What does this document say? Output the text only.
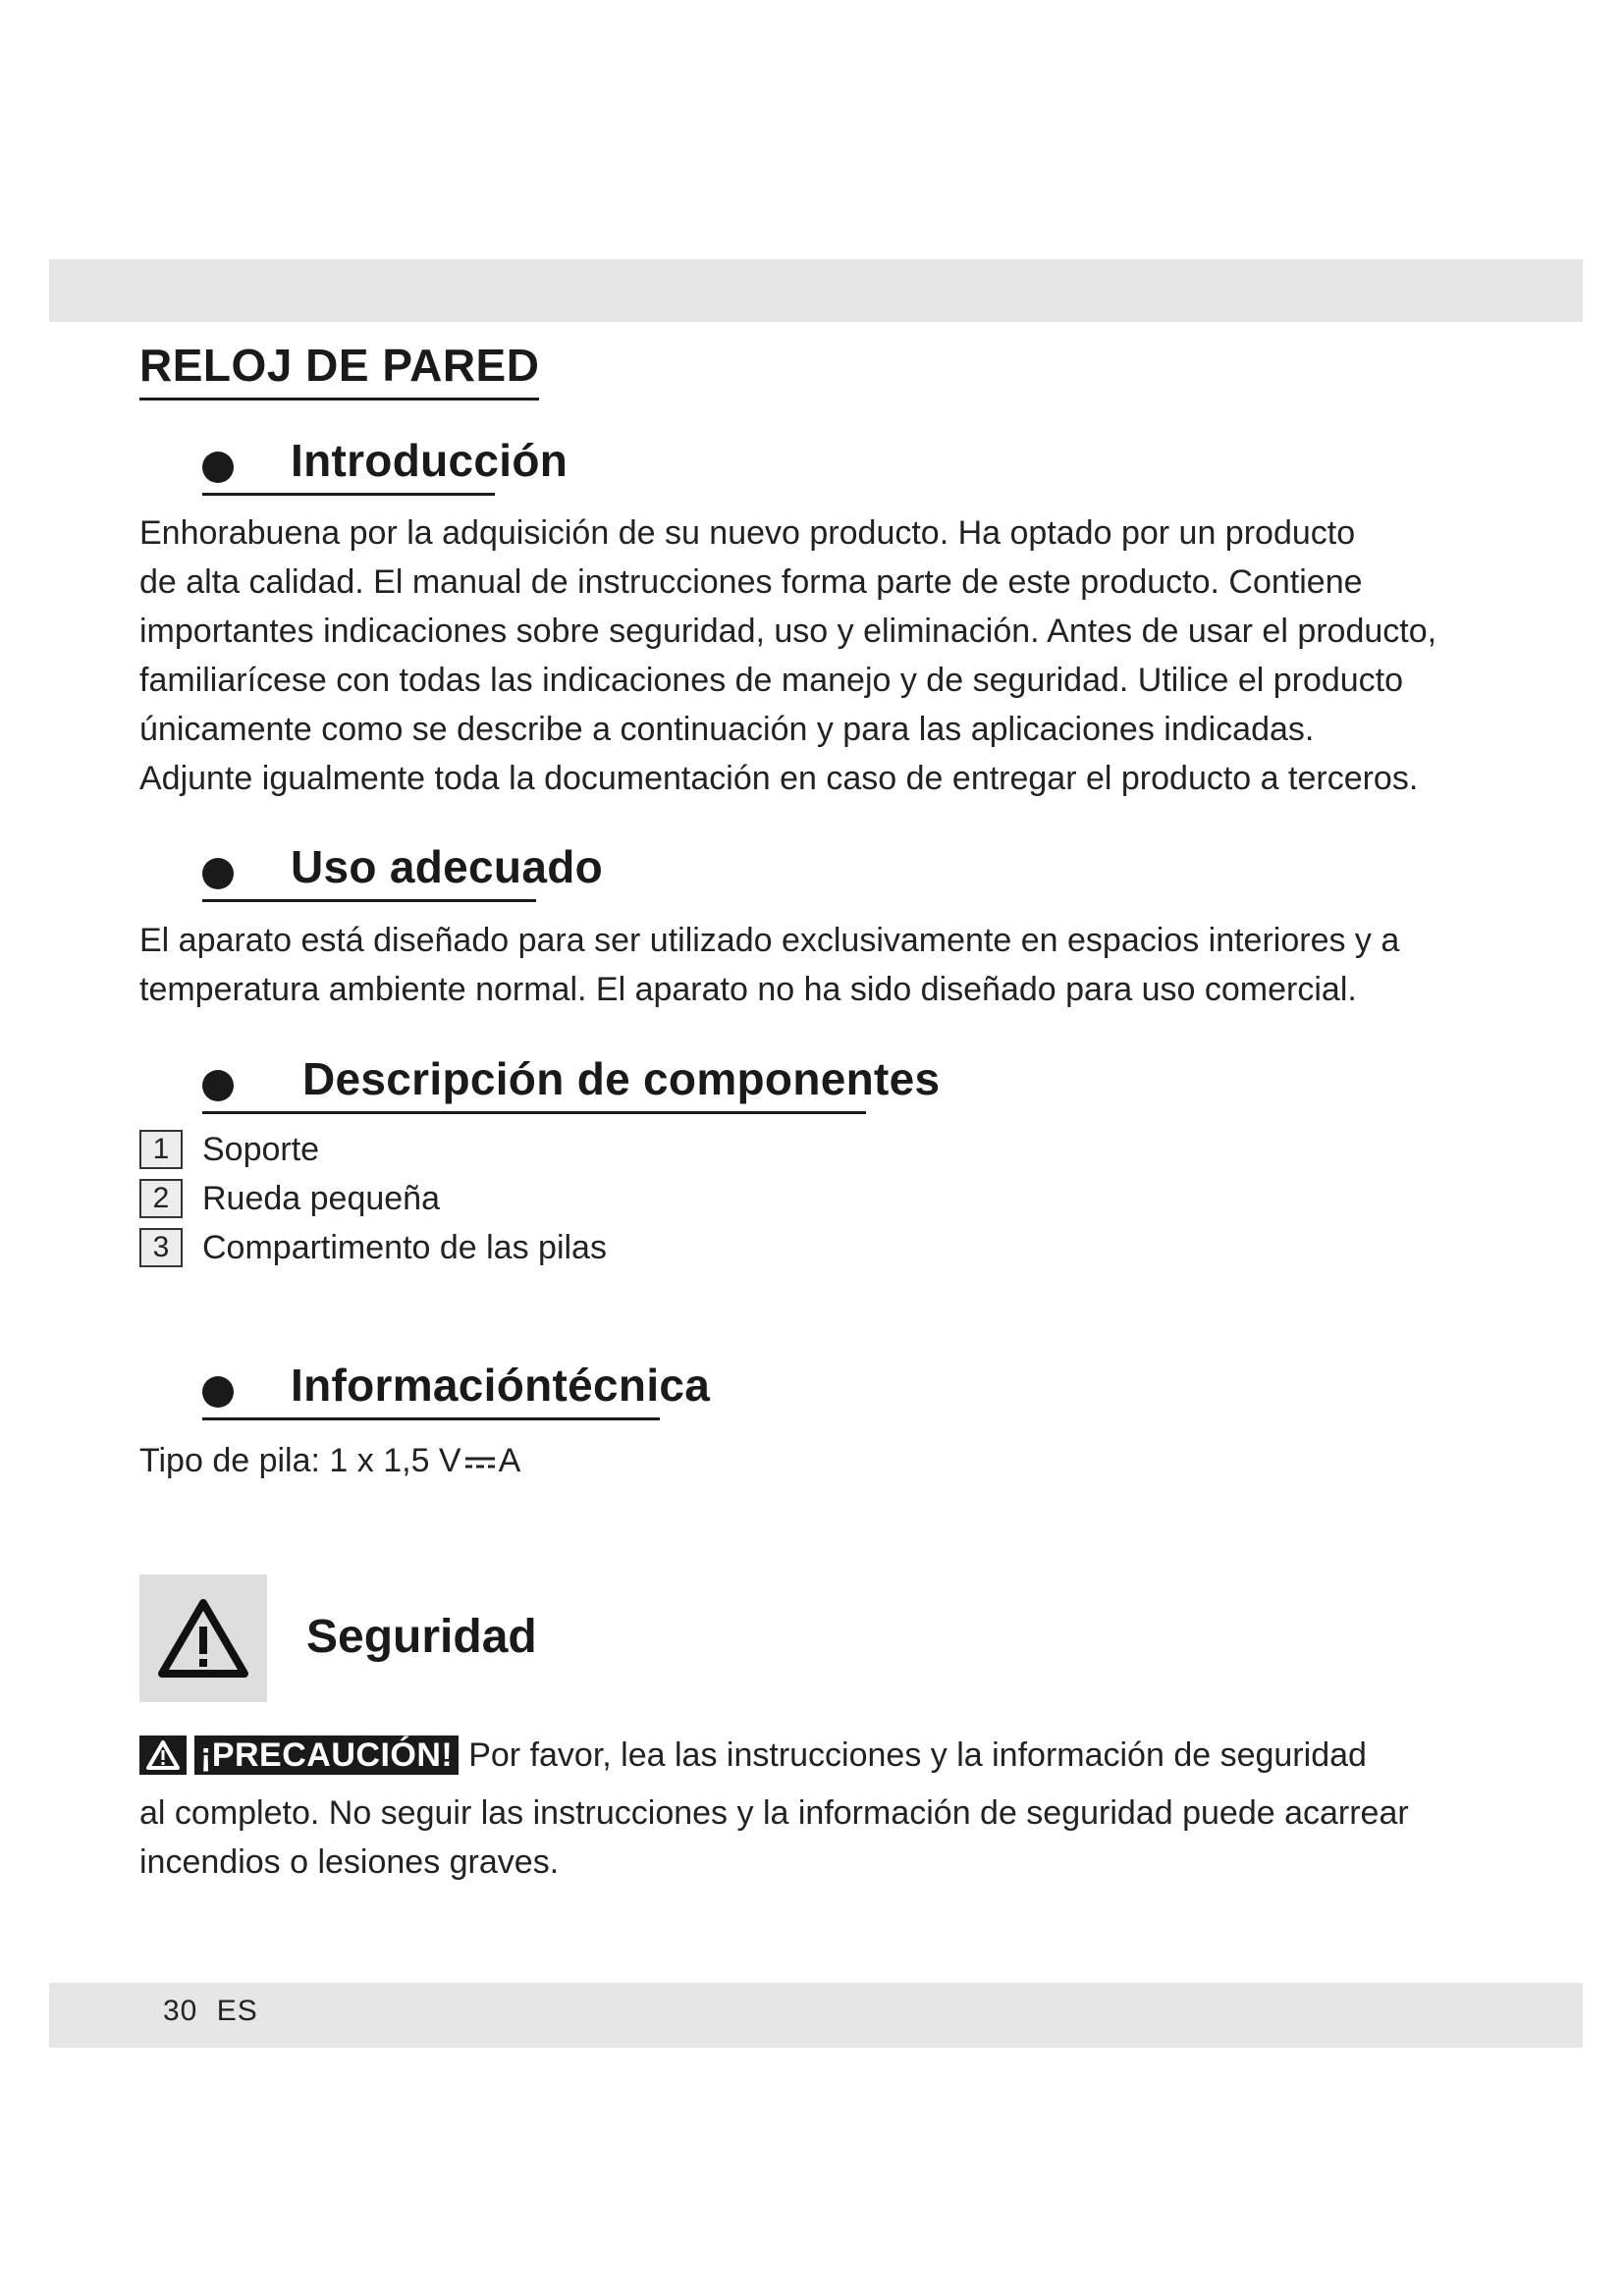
RELOJ DE PARED
Introducción

Enhorabuena por la adquisición de su nuevo producto. Ha optado por un producto
de alta calidad. El manual de instrucciones forma parte de este producto. Contiene
importantes indicaciones sobre seguridad, uso y eliminación. Antes de usar el producto,
familiarícese con todas las indicaciones de manejo y de seguridad. Utilice el producto
únicamente como se describe a continuación y para las aplicaciones indicadas.
Adjunte igualmente toda la documentación en caso de entregar el producto a terceros.

Uso adecuado

El aparato está diseñado para ser utilizado exclusivamente en espacios interiores y a
temperatura ambiente normal. El aparato no ha sido diseñado para uso comercial.

Descripción de componentes
1 Soporte
2 Rueda pequeña
3 Compartimento de las pilas
Informacióntécnica

Tipo de pila: 1 x 1,5 V A

Seguridad
¡PRECAUCIÓN! Por favor, lea las instrucciones y la información de seguridad

al completo. No seguir las instrucciones y la información de seguridad puede acarrear
incendios o lesiones graves.

30 ES
